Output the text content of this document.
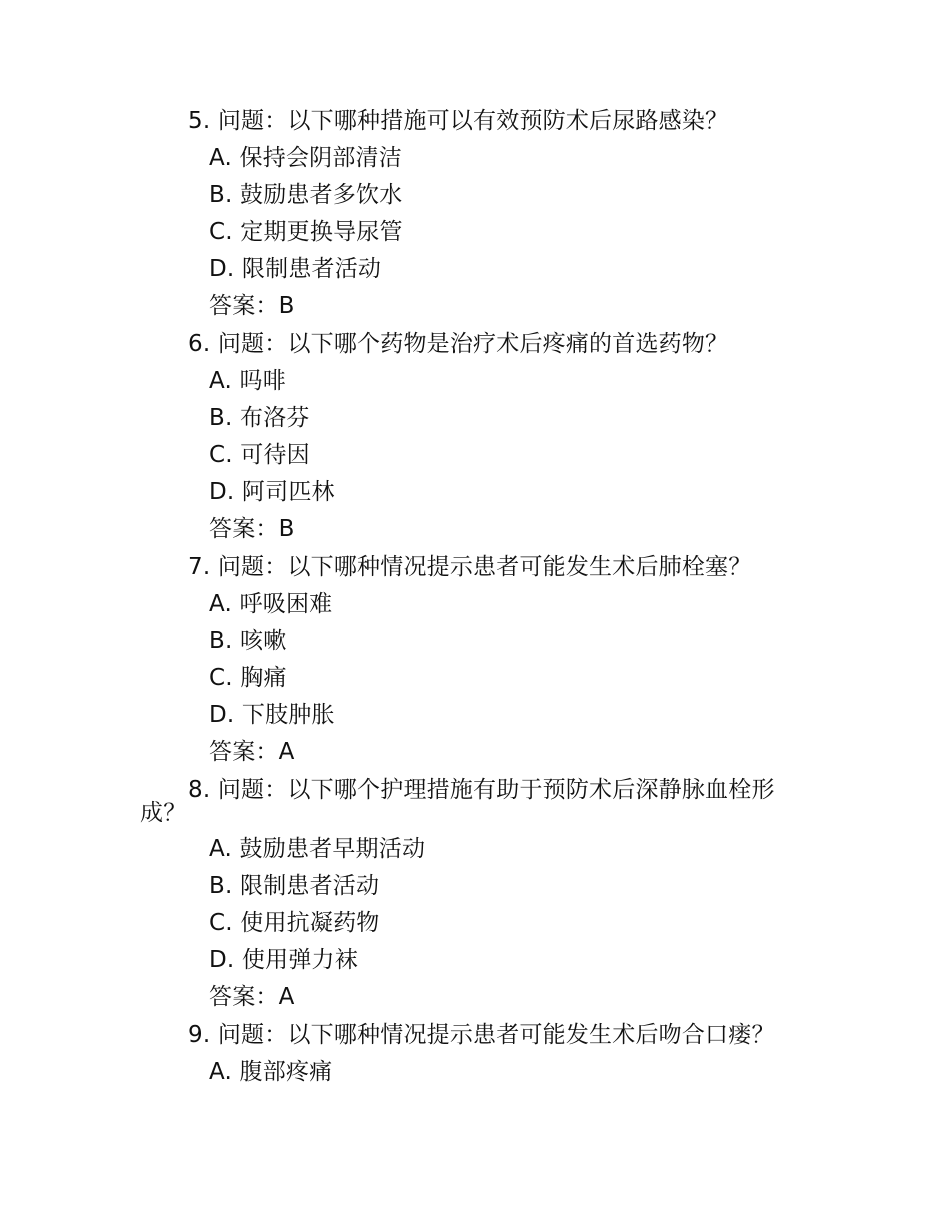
5. 问题：以下哪种措施可以有效预防术后尿路感染？
A. 保持会阴部清洁
B. 鼓励患者多饮水
C. 定期更换导尿管
D. 限制患者活动
答案：B
6. 问题：以下哪个药物是治疗术后疼痛的首选药物？
A. 吗啡
B. 布洛芬
C. 可待因
D. 阿司匹林
答案：B
7. 问题：以下哪种情况提示患者可能发生术后肺栓塞？
A. 呼吸困难
B. 咳嗽
C. 胸痛
D. 下肢肿胀
答案：A
8. 问题：以下哪个护理措施有助于预防术后深静脉血栓形
成？
A. 鼓励患者早期活动
B. 限制患者活动
C. 使用抗凝药物
D. 使用弹力袜
答案：A
9. 问题：以下哪种情况提示患者可能发生术后吻合口瘘？
A. 腹部疼痛
